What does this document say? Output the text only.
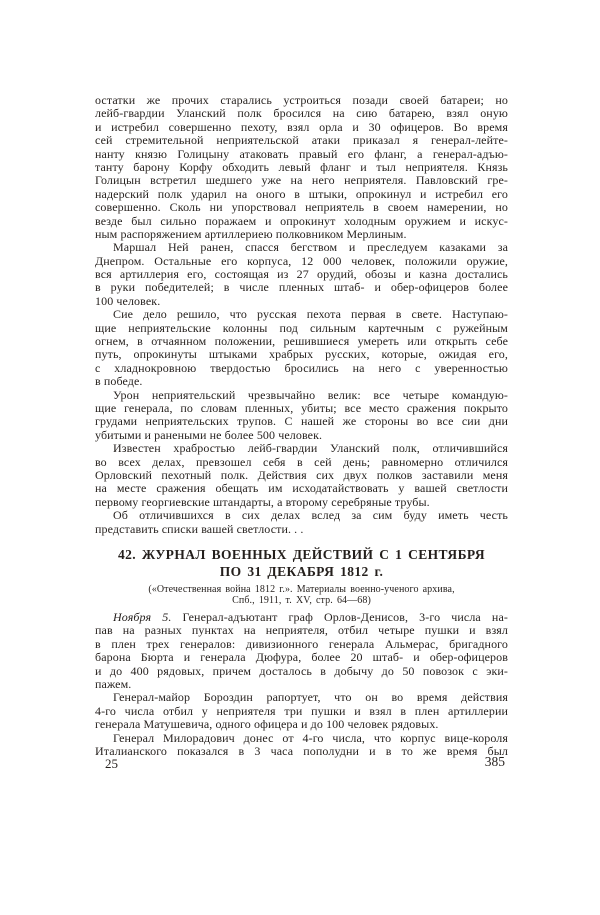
остатки же прочих старались устроиться позади своей батареи; но
лейб-гвардии Уланский полк бросился на сию батарею, взял оную
и истребил совершенно пехоту, взял орла и 30 офицеров. Во время
сей стремительной неприятельской атаки приказал я генерал-лейте-
нанту князю Голицыну атаковать правый его фланг, а генерал-адъю-
танту барону Корфу обходить левый фланг и тыл неприятеля. Князь
Голицын встретил шедшего уже на него неприятеля. Павловский гре-
надерский полк ударил на оного в штыки, опрокинул и истребил его
совершенно. Сколь ни упорствовал неприятель в своем намерении, но
везде был сильно поражаем и опрокинут холодным оружием и искус-
ным распоряжением артиллериею полковником Мерлиным.
Маршал Ней ранен, спасся бегством и преследуем казаками за
Днепром. Остальные его корпуса, 12 000 человек, положили оружие,
вся артиллерия его, состоящая из 27 орудий, обозы и казна достались
в руки победителей; в числе пленных штаб- и обер-офицеров более
100 человек.
Сие дело решило, что русская пехота первая в свете. Наступаю-
щие неприятельские колонны под сильным картечным с ружейным
огнем, в отчаянном положении, решившиеся умереть или открыть себе
путь, опрокинуты штыками храбрых русских, которые, ожидая его,
с хладнокровною твердостью бросились на него с уверенностью
в победе.
Урон неприятельский чрезвычайно велик: все четыре командую-
щие генерала, по словам пленных, убиты; все место сражения покрыто
грудами неприятельских трупов. С нашей же стороны во все сии дни
убитыми и ранеными не более 500 человек.
Известен храбростью лейб-гвардии Уланский полк, отличившийся
во всех делах, превзошел себя в сей день; равномерно отличился
Орловский пехотный полк. Действия сих двух полков заставили меня
на месте сражения обещать им исходатайствовать у вашей светлости
первому георгиевские штандарты, а второму серебряные трубы.
Об отличившихся в сих делах вслед за сим буду иметь честь
представить списки вашей светлости. . .
42. ЖУРНАЛ ВОЕННЫХ ДЕЙСТВИЙ С 1 СЕНТЯБРЯ
ПО 31 ДЕКАБРЯ 1812 г.
(«Отечественная война 1812 г.». Материалы военно-ученого архива,
Спб., 1911, т. XV, стр. 64—68)
Ноября 5. Генерал-адъютант граф Орлов-Денисов, 3-го числа на-
пав на разных пунктах на неприятеля, отбил четыре пушки и взял
в плен трех генералов: дивизионного генерала Альмерас, бригадного
барона Бюрта и генерала Дюфура, более 20 штаб- и обер-офицеров
и до 400 рядовых, причем досталось в добычу до 50 повозок с эки-
пажем.
Генерал-майор Бороздин рапортует, что он во время действия
4-го числа отбил у неприятеля три пушки и взял в плен артиллерии
генерала Матушевича, одного офицера и до 100 человек рядовых.
Генерал Милорадович донес от 4-го числа, что корпус вице-короля
Италианского показался в 3 часа пополудни и в то же время был
25	385
